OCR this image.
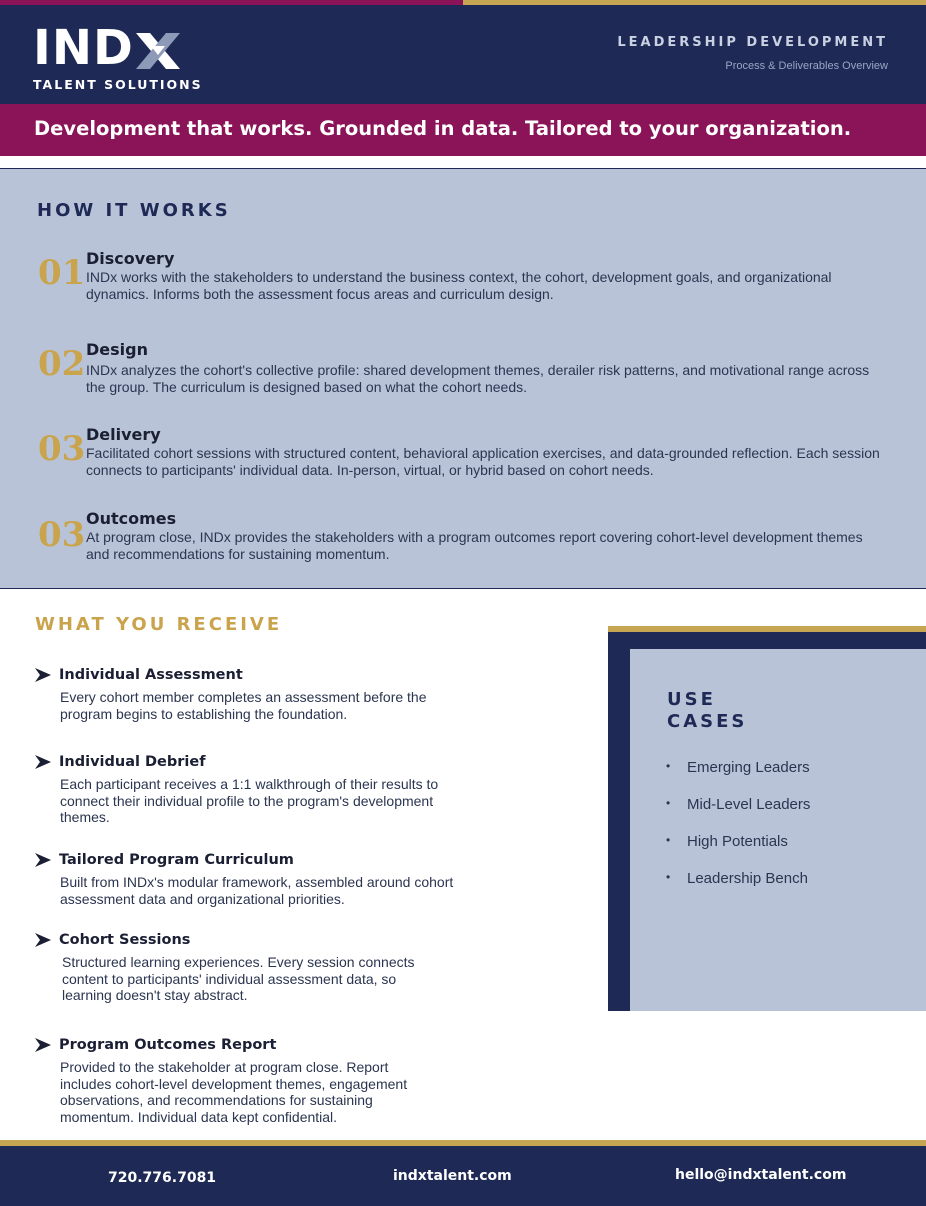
IND
TALENT SOLUTIONS
LEADERSHIP DEVELOPMENT
Process & Deliverables Overview
Development that works. Grounded in data. Tailored to your organization.
HOW IT WORKS
01 Discovery
INDx works with the stakeholders to understand the business context, the cohort, development goals, and organizational dynamics. Informs both the assessment focus areas and curriculum design.
02 Design
INDx analyzes the cohort's collective profile: shared development themes, derailer risk patterns, and motivational range across the group. The curriculum is designed based on what the cohort needs.
03 Delivery
Facilitated cohort sessions with structured content, behavioral application exercises, and data-grounded reflection. Each session connects to participants' individual data. In-person, virtual, or hybrid based on cohort needs.
03 Outcomes
At program close, INDx provides the stakeholders with a program outcomes report covering cohort-level development themes and recommendations for sustaining momentum.
WHAT YOU RECEIVE
Individual Assessment
Every cohort member completes an assessment before the program begins to establishing the foundation.
Individual Debrief
Each participant receives a 1:1 walkthrough of their results to connect their individual profile to the program's development themes.
Tailored Program Curriculum
Built from INDx's modular framework, assembled around cohort assessment data and organizational priorities.
Cohort Sessions
Structured learning experiences. Every session connects content to participants' individual assessment data, so learning doesn't stay abstract.
Program Outcomes Report
Provided to the stakeholder at program close. Report includes cohort-level development themes, engagement observations, and recommendations for sustaining momentum. Individual data kept confidential.
USE
CASES
• Emerging Leaders
• Mid-Level Leaders
• High Potentials
• Leadership Bench
720.776.7081	indxtalent.com	hello@indxtalent.com
